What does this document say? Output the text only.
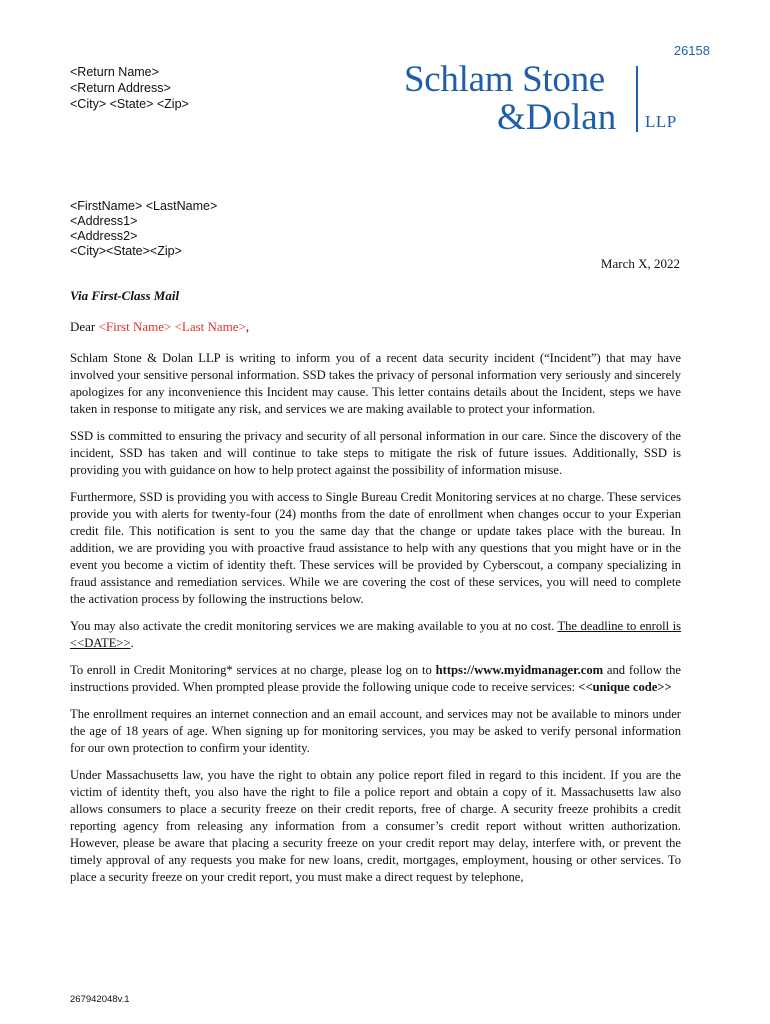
26158
<Return Name>
<Return Address>
<City> <State> <Zip>
Schlam Stone
&Dolan LLP
<FirstName> <LastName>
<Address1>
<Address2>
<City><State><Zip>
March X, 2022
Via First-Class Mail
Dear <First Name> <Last Name>,

Schlam Stone & Dolan LLP is writing to inform you of a recent data security incident (“Incident”) that may have involved your sensitive personal information. SSD takes the privacy of personal information very seriously and sincerely apologizes for any inconvenience this Incident may cause. This letter contains details about the Incident, steps we have taken in response to mitigate any risk, and services we are making available to protect your information.

SSD is committed to ensuring the privacy and security of all personal information in our care. Since the discovery of the incident, SSD has taken and will continue to take steps to mitigate the risk of future issues. Additionally, SSD is providing you with guidance on how to help protect against the possibility of information misuse.

Furthermore, SSD is providing you with access to Single Bureau Credit Monitoring services at no charge. These services provide you with alerts for twenty-four (24) months from the date of enrollment when changes occur to your Experian credit file. This notification is sent to you the same day that the change or update takes place with the bureau. In addition, we are providing you with proactive fraud assistance to help with any questions that you might have or in the event you become a victim of identity theft. These services will be provided by Cyberscout, a company specializing in fraud assistance and remediation services. While we are covering the cost of these services, you will need to complete the activation process by following the instructions below.

You may also activate the credit monitoring services we are making available to you at no cost. The deadline to enroll is <<DATE>>.

To enroll in Credit Monitoring* services at no charge, please log on to https://www.myidmanager.com and follow the instructions provided. When prompted please provide the following unique code to receive services: <<unique code>>

The enrollment requires an internet connection and an email account, and services may not be available to minors under the age of 18 years of age. When signing up for monitoring services, you may be asked to verify personal information for our own protection to confirm your identity.

Under Massachusetts law, you have the right to obtain any police report filed in regard to this incident. If you are the victim of identity theft, you also have the right to file a police report and obtain a copy of it. Massachusetts law also allows consumers to place a security freeze on their credit reports, free of charge. A security freeze prohibits a credit reporting agency from releasing any information from a consumer’s credit report without written authorization. However, please be aware that placing a security freeze on your credit report may delay, interfere with, or prevent the timely approval of any requests you make for new loans, credit, mortgages, employment, housing or other services. To place a security freeze on your credit report, you must make a direct request by telephone,

267942048v.1
